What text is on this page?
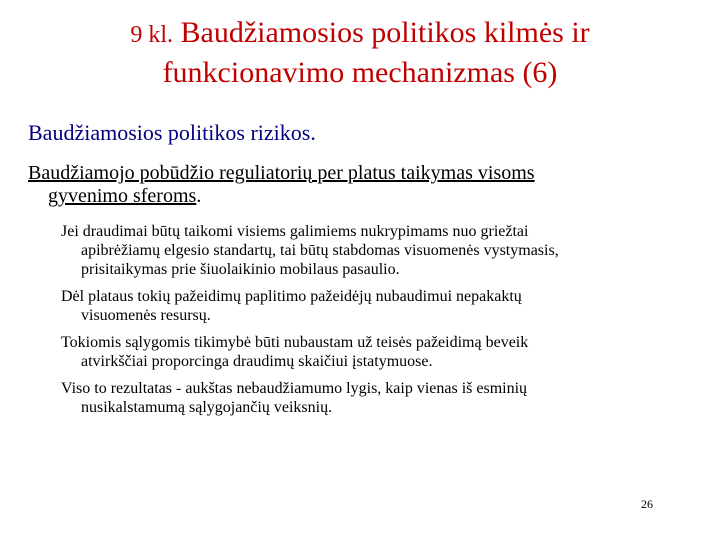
9 kl. Baudžiamosios politikos kilmės ir
funkcionavimo mechanizmas (6)
Baudžiamosios politikos rizikos.
Baudžiamojo pobūdžio reguliatorių per platus taikymas visoms
gyvenimo sferoms.
Jei draudimai būtų taikomi visiems galimiems nukrypimams nuo griežtai
apibrėžiamų elgesio standartų, tai būtų stabdomas visuomenės vystymasis,
prisitaikymas prie šiuolaikinio mobilaus pasaulio.
Dėl plataus tokių pažeidimų paplitimo pažeidėjų nubaudimui nepakaktų
visuomenės resursų.
Tokiomis sąlygomis tikimybė būti nubaustam už teisės pažeidimą beveik
atvirkščiai proporcinga draudimų skaičiui įstatymuose.
Viso to rezultatas - aukštas nebaudžiamumo lygis, kaip vienas iš esminių
nusikalstamumą sąlygojančių veiksnių.
26
